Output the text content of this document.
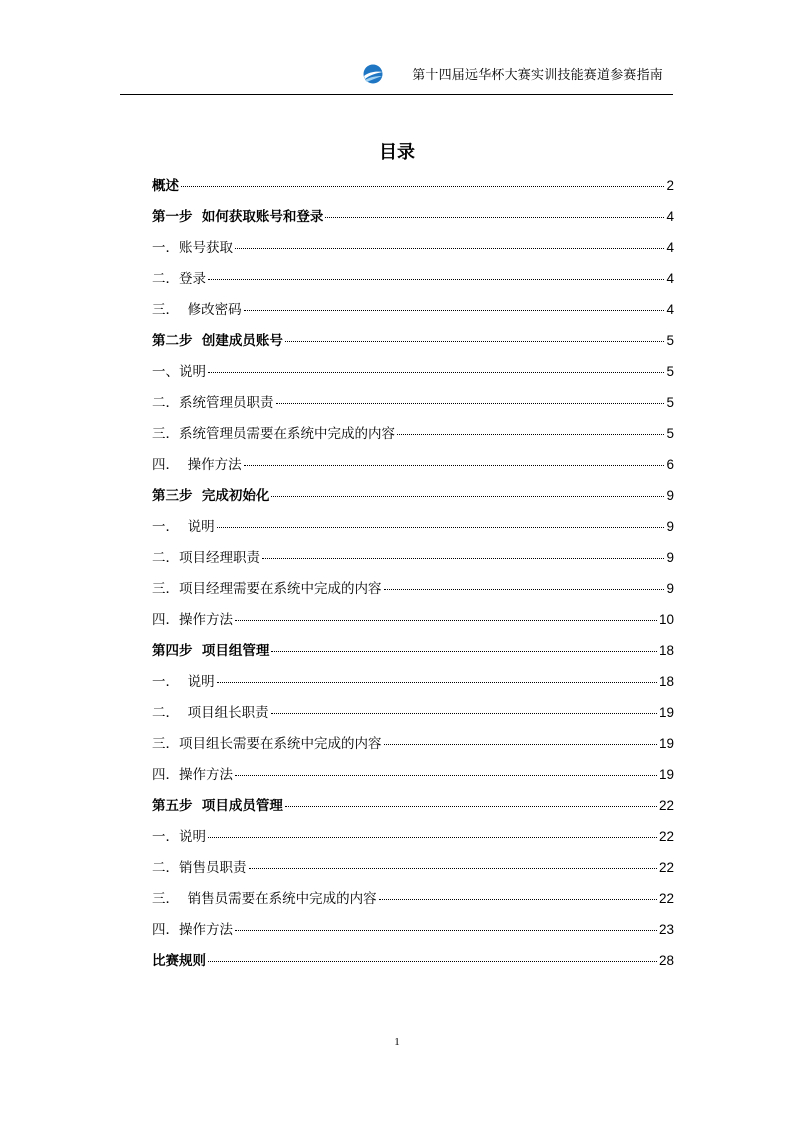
第十四届远华杯大赛实训技能赛道参赛指南
目录
概述	2
第一步  如何获取账号和登录	4
一．账号获取	4
二．登录	4
三．  修改密码	4
第二步  创建成员账号	5
一、说明	5
二．系统管理员职责	5
三．系统管理员需要在系统中完成的内容	5
四．  操作方法	6
第三步  完成初始化	9
一．  说明	9
二．项目经理职责	9
三．项目经理需要在系统中完成的内容	9
四．操作方法	10
第四步  项目组管理	18
一．  说明	18
二．  项目组长职责	19
三．项目组长需要在系统中完成的内容	19
四．操作方法	19
第五步  项目成员管理	22
一．说明	22
二．销售员职责	22
三．  销售员需要在系统中完成的内容	22
四．操作方法	23
比赛规则	28
1
